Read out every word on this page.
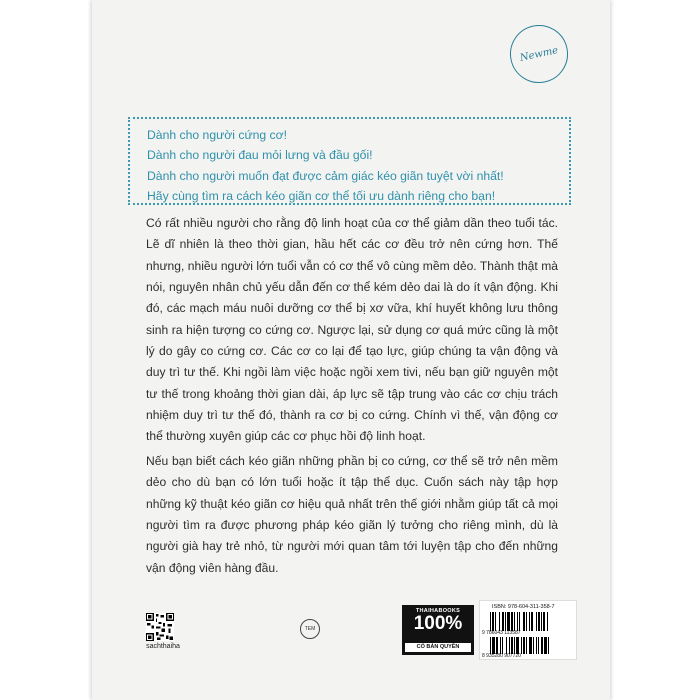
Newme
Dành cho người cứng cơ!
Dành cho người đau mỏi lưng và đầu gối!
Dành cho người muốn đạt được cảm giác kéo giãn tuyệt vời nhất!
Hãy cùng tìm ra cách kéo giãn cơ thể tối ưu dành riêng cho bạn!
Có rất nhiều người cho rằng độ linh hoạt của cơ thể giảm dần theo tuổi tác. Lẽ dĩ nhiên là theo thời gian, hầu hết các cơ đều trở nên cứng hơn. Thế nhưng, nhiều người lớn tuổi vẫn có cơ thể vô cùng mềm dẻo. Thành thật mà nói, nguyên nhân chủ yếu dẫn đến cơ thể kém dẻo dai là do ít vận động. Khi đó, các mạch máu nuôi dưỡng cơ thể bị xơ vữa, khí huyết không lưu thông sinh ra hiện tượng co cứng cơ. Ngược lại, sử dụng cơ quá mức cũng là một lý do gây co cứng cơ. Các cơ co lại để tạo lực, giúp chúng ta vận động và duy trì tư thế. Khi ngồi làm việc hoặc ngồi xem tivi, nếu bạn giữ nguyên một tư thế trong khoảng thời gian dài, áp lực sẽ tập trung vào các cơ chịu trách nhiệm duy trì tư thế đó, thành ra cơ bị co cứng. Chính vì thế, vận động cơ thể thường xuyên giúp các cơ phục hồi độ linh hoạt.
Nếu bạn biết cách kéo giãn những phần bị co cứng, cơ thể sẽ trở nên mềm dẻo cho dù bạn có lớn tuổi hoặc ít tập thể dục. Cuốn sách này tập hợp những kỹ thuật kéo giãn cơ hiệu quả nhất trên thế giới nhằm giúp tất cả mọi người tìm ra được phương pháp kéo giãn lý tưởng cho riêng mình, dù là người già hay trẻ nhỏ, từ người mới quan tâm tới luyện tập cho đến những vận động viên hàng đầu.
sachthaiha
TEM
THAIHABOOKS
100%
CÓ BẢN QUYỀN
ISBN: 978-604-311-358-7
9 786043 113587
8 935280 907720
